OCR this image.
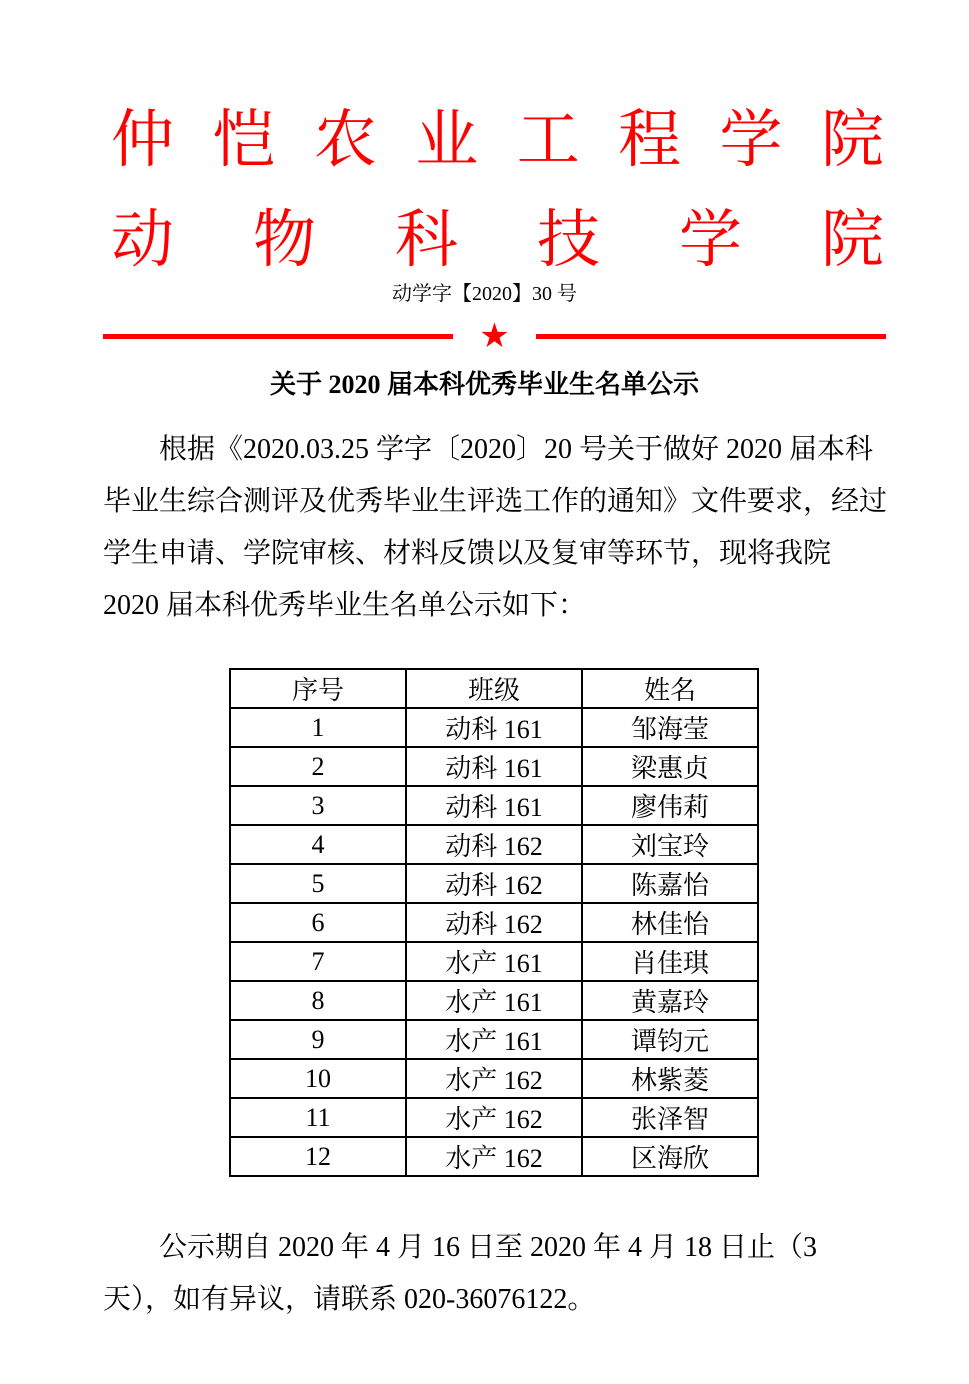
仲 恺 农 业 工 程 学 院
动 物 科 技 学 院
动学字【2020】30 号
★
关于 2020 届本科优秀毕业生名单公示
根据《2020.03.25 学字〔2020〕20 号关于做好 2020 届本科
毕业生综合测评及优秀毕业生评选工作的通知》文件要求，经过
学生申请、学院审核、材料反馈以及复审等环节，现将我院
2020 届本科优秀毕业生名单公示如下：
序号	班级	姓名
1	动科 161	邹海莹
2	动科 161	梁惠贞
3	动科 161	廖伟莉
4	动科 162	刘宝玲
5	动科 162	陈嘉怡
6	动科 162	林佳怡
7	水产 161	肖佳琪
8	水产 161	黄嘉玲
9	水产 161	谭钧元
10	水产 162	林紫菱
11	水产 162	张泽智
12	水产 162	区海欣
公示期自 2020 年 4 月 16 日至 2020 年 4 月 18 日止（3
天），如有异议，请联系 020-36076122。
